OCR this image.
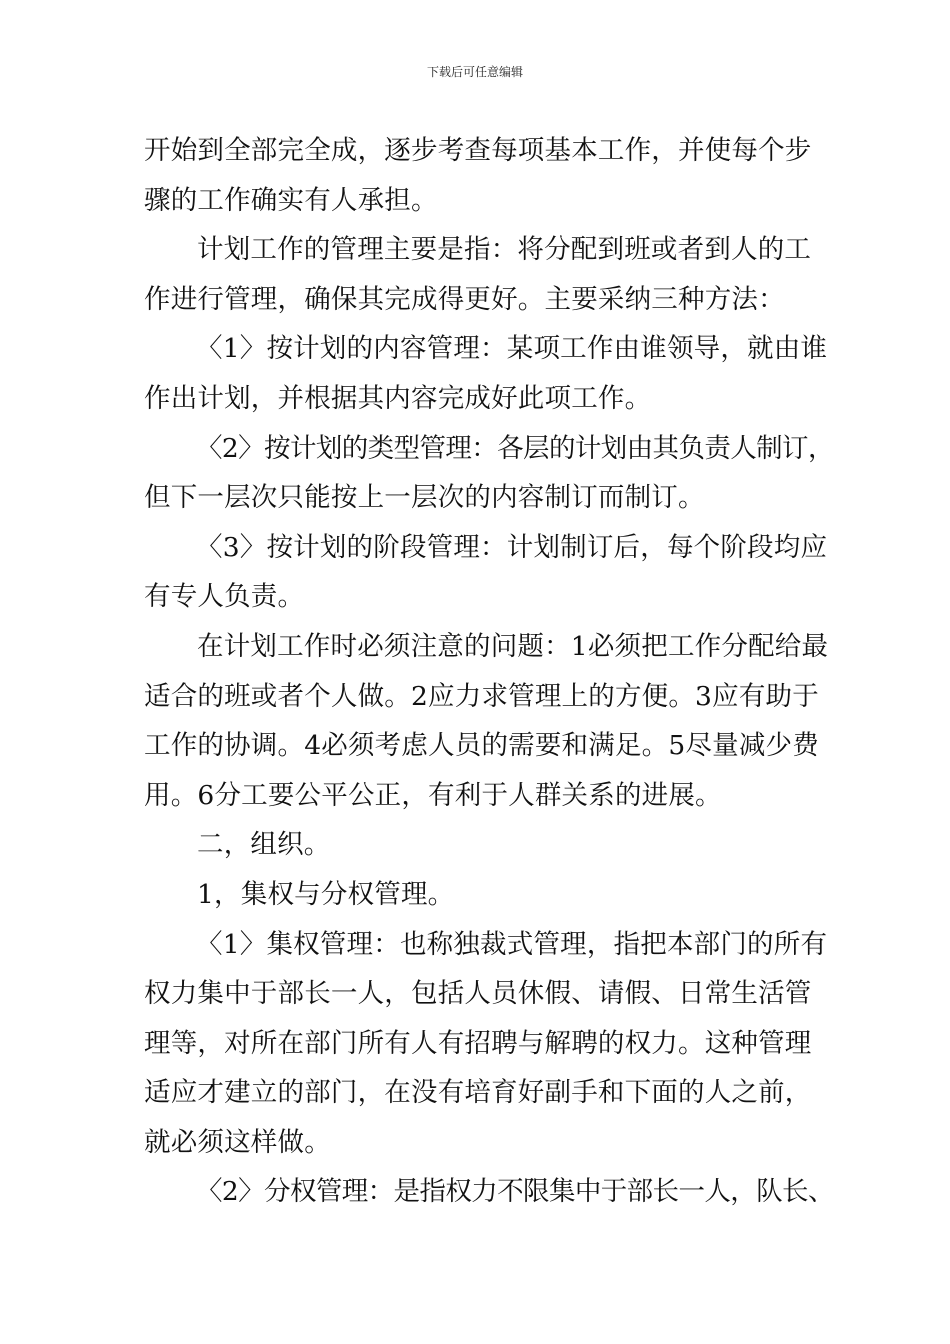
下载后可任意编辑
开始到全部完全成，逐步考查每项基本工作，并使每个步
骤的工作确实有人承担。
计划工作的管理主要是指：将分配到班或者到人的工
作进行管理，确保其完成得更好。主要采纳三种方法：
〈1〉按计划的内容管理：某项工作由谁领导，就由谁
作出计划，并根据其内容完成好此项工作。
〈2〉按计划的类型管理：各层的计划由其负责人制订，
但下一层次只能按上一层次的内容制订而制订。
〈3〉按计划的阶段管理：计划制订后，每个阶段均应
有专人负责。
在计划工作时必须注意的问题：1必须把工作分配给最
适合的班或者个人做。2应力求管理上的方便。3应有助于
工作的协调。4必须考虑人员的需要和满足。5尽量减少费
用。6分工要公平公正，有利于人群关系的进展。
二，组织。
1，集权与分权管理。
〈1〉集权管理：也称独裁式管理，指把本部门的所有
权力集中于部长一人，包括人员休假、请假、日常生活管
理等，对所在部门所有人有招聘与解聘的权力。这种管理
适应才建立的部门，在没有培育好副手和下面的人之前，
就必须这样做。
〈2〉分权管理：是指权力不限集中于部长一人，队长、
